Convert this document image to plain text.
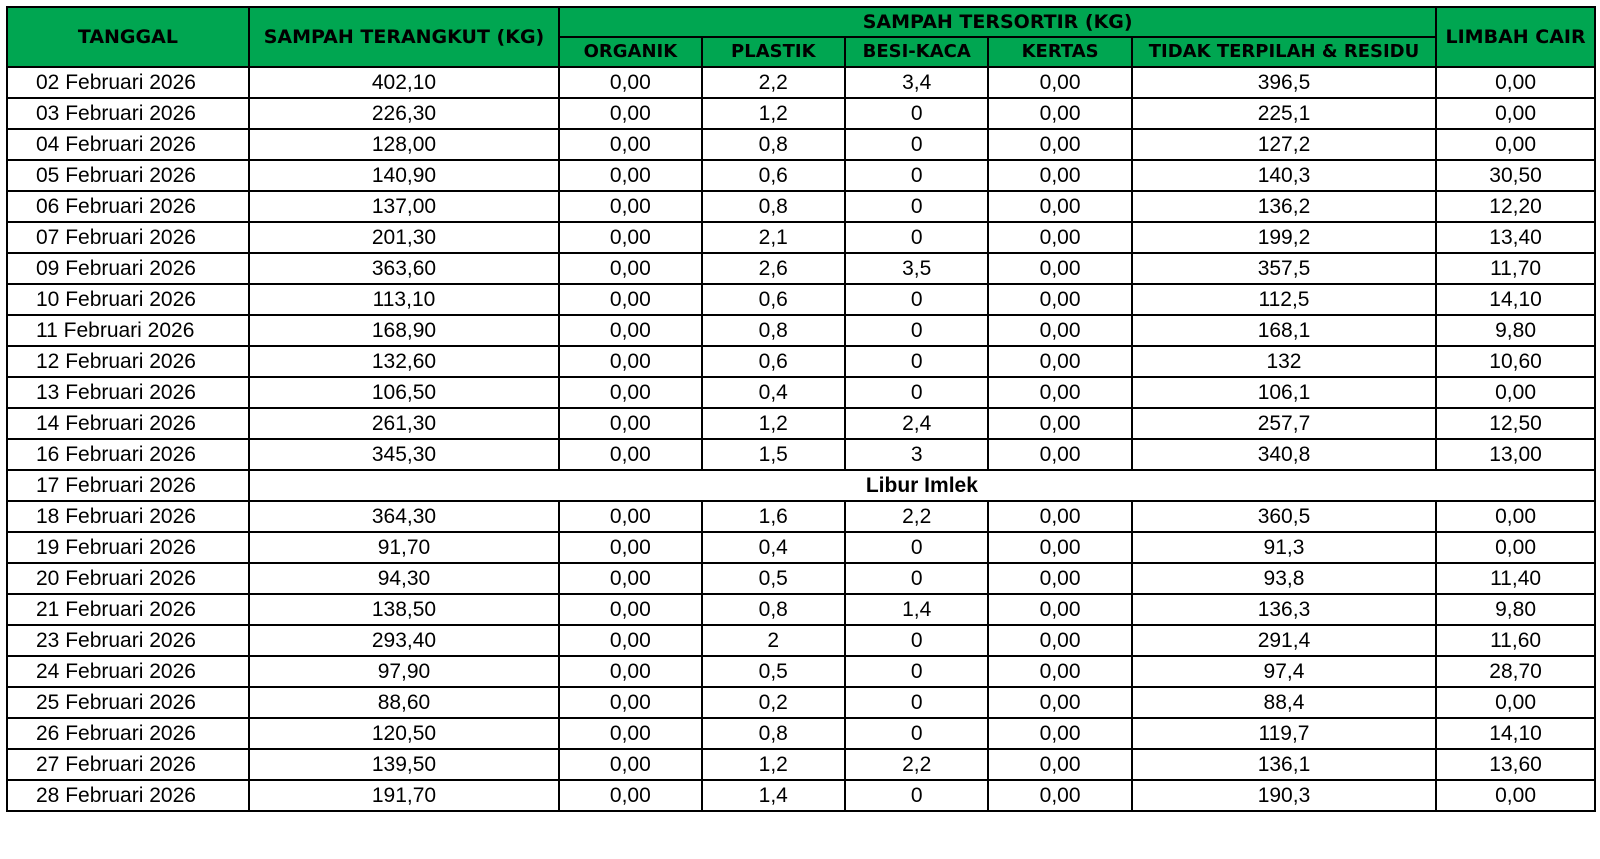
TANGGAL	SAMPAH TERANGKUT (KG)	SAMPAH TERSORTIR (KG)					LIMBAH CAIR
		ORGANIK	PLASTIK	BESI-KACA	KERTAS	TIDAK TERPILAH & RESIDU	
02 Februari 2026	402,10	0,00	2,2	3,4	0,00	396,5	0,00
03 Februari 2026	226,30	0,00	1,2	0	0,00	225,1	0,00
04 Februari 2026	128,00	0,00	0,8	0	0,00	127,2	0,00
05 Februari 2026	140,90	0,00	0,6	0	0,00	140,3	30,50
06 Februari 2026	137,00	0,00	0,8	0	0,00	136,2	12,20
07 Februari 2026	201,30	0,00	2,1	0	0,00	199,2	13,40
09 Februari 2026	363,60	0,00	2,6	3,5	0,00	357,5	11,70
10 Februari 2026	113,10	0,00	0,6	0	0,00	112,5	14,10
11 Februari 2026	168,90	0,00	0,8	0	0,00	168,1	9,80
12 Februari 2026	132,60	0,00	0,6	0	0,00	132	10,60
13 Februari 2026	106,50	0,00	0,4	0	0,00	106,1	0,00
14 Februari 2026	261,30	0,00	1,2	2,4	0,00	257,7	12,50
16 Februari 2026	345,30	0,00	1,5	3	0,00	340,8	13,00
17 Februari 2026	Libur Imlek						
18 Februari 2026	364,30	0,00	1,6	2,2	0,00	360,5	0,00
19 Februari 2026	91,70	0,00	0,4	0	0,00	91,3	0,00
20 Februari 2026	94,30	0,00	0,5	0	0,00	93,8	11,40
21 Februari 2026	138,50	0,00	0,8	1,4	0,00	136,3	9,80
23 Februari 2026	293,40	0,00	2	0	0,00	291,4	11,60
24 Februari 2026	97,90	0,00	0,5	0	0,00	97,4	28,70
25 Februari 2026	88,60	0,00	0,2	0	0,00	88,4	0,00
26 Februari 2026	120,50	0,00	0,8	0	0,00	119,7	14,10
27 Februari 2026	139,50	0,00	1,2	2,2	0,00	136,1	13,60
28 Februari 2026	191,70	0,00	1,4	0	0,00	190,3	0,00
